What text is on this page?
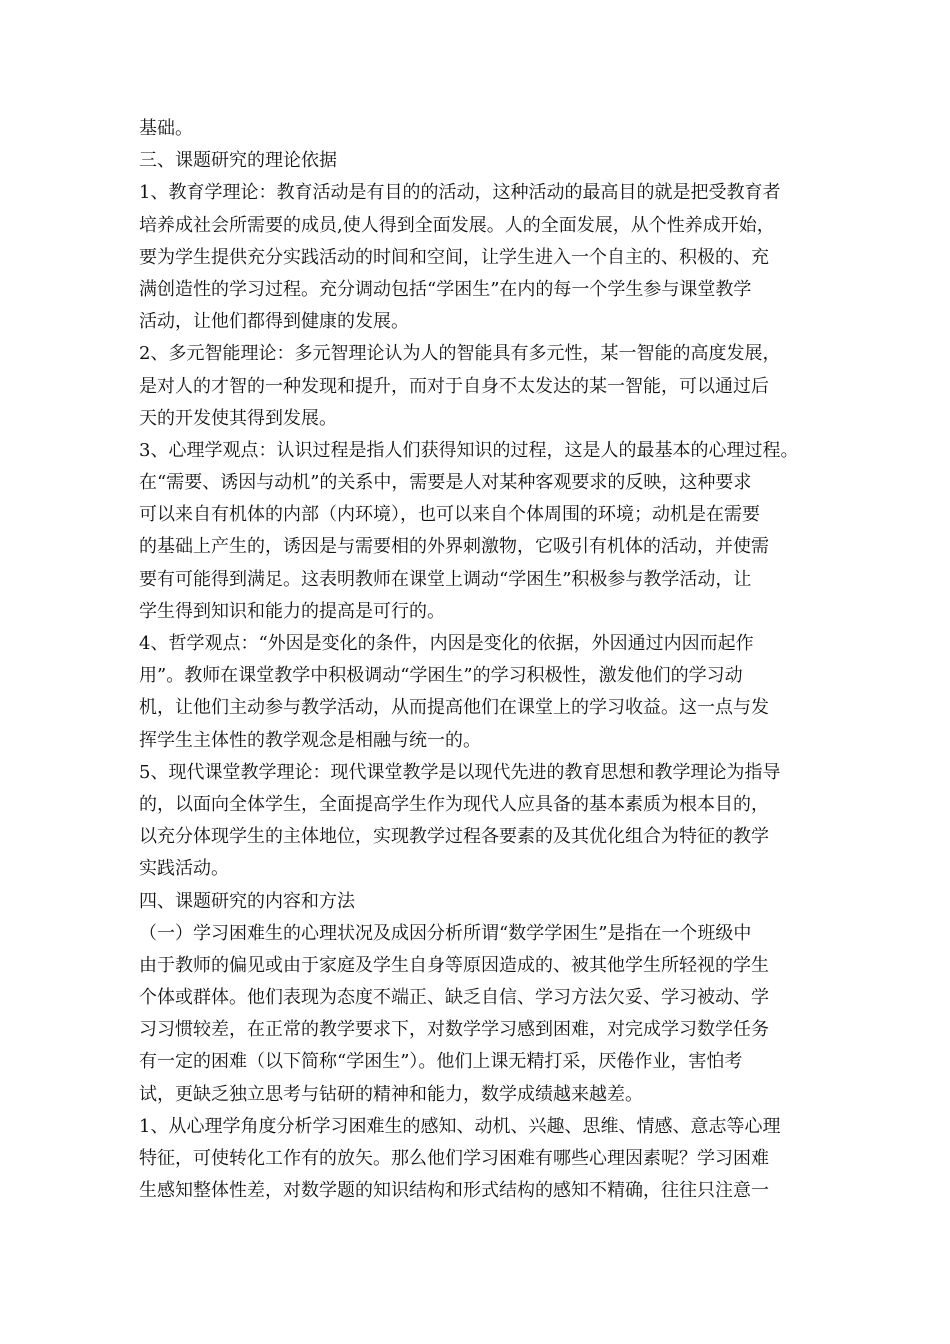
基础。
三、课题研究的理论依据
1、教育学理论：教育活动是有目的的活动，这种活动的最高目的就是把受教育者
培养成社会所需要的成员,使人得到全面发展。人的全面发展，从个性养成开始，
要为学生提供充分实践活动的时间和空间，让学生进入一个自主的、积极的、充
满创造性的学习过程。充分调动包括“学困生”在内的每一个学生参与课堂教学
活动，让他们都得到健康的发展。
2、多元智能理论：多元智理论认为人的智能具有多元性，某一智能的高度发展，
是对人的才智的一种发现和提升，而对于自身不太发达的某一智能，可以通过后
天的开发使其得到发展。
3、心理学观点：认识过程是指人们获得知识的过程，这是人的最基本的心理过程。
在“需要、诱因与动机”的关系中，需要是人对某种客观要求的反映，这种要求
可以来自有机体的内部（内环境），也可以来自个体周围的环境；动机是在需要
的基础上产生的，诱因是与需要相的外界刺激物，它吸引有机体的活动，并使需
要有可能得到满足。这表明教师在课堂上调动“学困生”积极参与教学活动，让
学生得到知识和能力的提高是可行的。
4、哲学观点：“外因是变化的条件，内因是变化的依据，外因通过内因而起作
用”。教师在课堂教学中积极调动“学困生”的学习积极性，激发他们的学习动
机，让他们主动参与教学活动，从而提高他们在课堂上的学习收益。这一点与发
挥学生主体性的教学观念是相融与统一的。
5、现代课堂教学理论：现代课堂教学是以现代先进的教育思想和教学理论为指导
的，以面向全体学生，全面提高学生作为现代人应具备的基本素质为根本目的，
以充分体现学生的主体地位，实现教学过程各要素的及其优化组合为特征的教学
实践活动。
四、课题研究的内容和方法
（一）学习困难生的心理状况及成因分析所谓“数学学困生”是指在一个班级中
由于教师的偏见或由于家庭及学生自身等原因造成的、被其他学生所轻视的学生
个体或群体。他们表现为态度不端正、缺乏自信、学习方法欠妥、学习被动、学
习习惯较差，在正常的教学要求下，对数学学习感到困难，对完成学习数学任务
有一定的困难（以下简称“学困生”）。他们上课无精打采，厌倦作业，害怕考
试，更缺乏独立思考与钻研的精神和能力，数学成绩越来越差。
1、从心理学角度分析学习困难生的感知、动机、兴趣、思维、情感、意志等心理
特征，可使转化工作有的放矢。那么他们学习困难有哪些心理因素呢？学习困难
生感知整体性差，对数学题的知识结构和形式结构的感知不精确，往往只注意一
